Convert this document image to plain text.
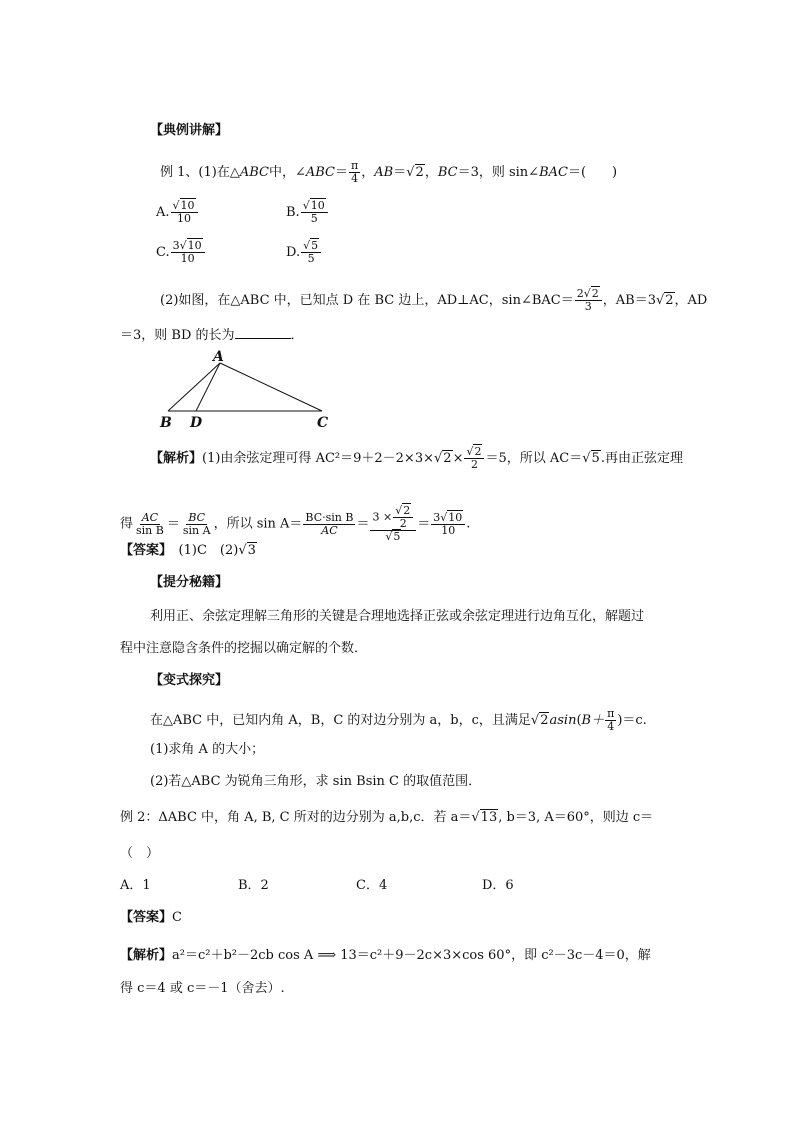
【典例讲解】
例 1、(1)在△ABC中，∠ABC＝ $\frac{\pi}{4}$ ，AB＝√2，BC＝3，则 sin∠BAC＝(　　)
A. $\frac{√10}{10}$	B. $\frac{√10}{5}$
C. $\frac{3√10}{10}$	D. $\frac{√5}{5}$
(2)如图，在△ABC 中，已知点 D 在 BC 边上，AD⊥AC，sin∠BAC＝ $\frac{2√2}{3}$ ，AB＝3√2，AD
＝3，则 BD 的长为	．
A
B D	C
【解析】(1)由余弦定理可得 $AC^2=9+2-2\times 3\times√2\times \frac{√2}{2} =5$，所以 AC＝√5.再由正弦定理
得 $\frac{AC}{\text{sin B}} = \frac{BC}{\text{sin A}}$ ，所以 $\sin A= \frac{\text{BC·sin B}}{AC} = \frac{3 \times \frac{√2}{2}}{√5} = \frac{3√10}{10}$ .
【答案】　 (1)C　(2)√3
【提分秘籍】
利用正、余弦定理解三角形的关键是合理地选择正弦或余弦定理进行边角互化，解题过
程中注意隐含条件的挖掘以确定解的个数．
【变式探究】
在△ABC 中，已知内角 A，B，C 的对边分别为 a，b，c，且满足$√2asin(B+ \frac{\pi}{4} )=c$.
(1)求角 A 的大小；
(2)若△ABC 为锐角三角形，求 sin Bsin C 的取值范围．
例 2：ΔABC 中，角 A, B, C 所对的边分别为 a,b,c．若 a＝√13, b＝3, A＝60°，则边 c＝
（　）
A．1	B．2	C．4	D．6
【答案】C
【解析】a²＝c²＋b²－2cb cos A ⟹ 13＝c²＋9－2c×3×cos 60°，即 c²－3c－4＝0，解
得 c＝4 或 c＝－1（舍去）.
